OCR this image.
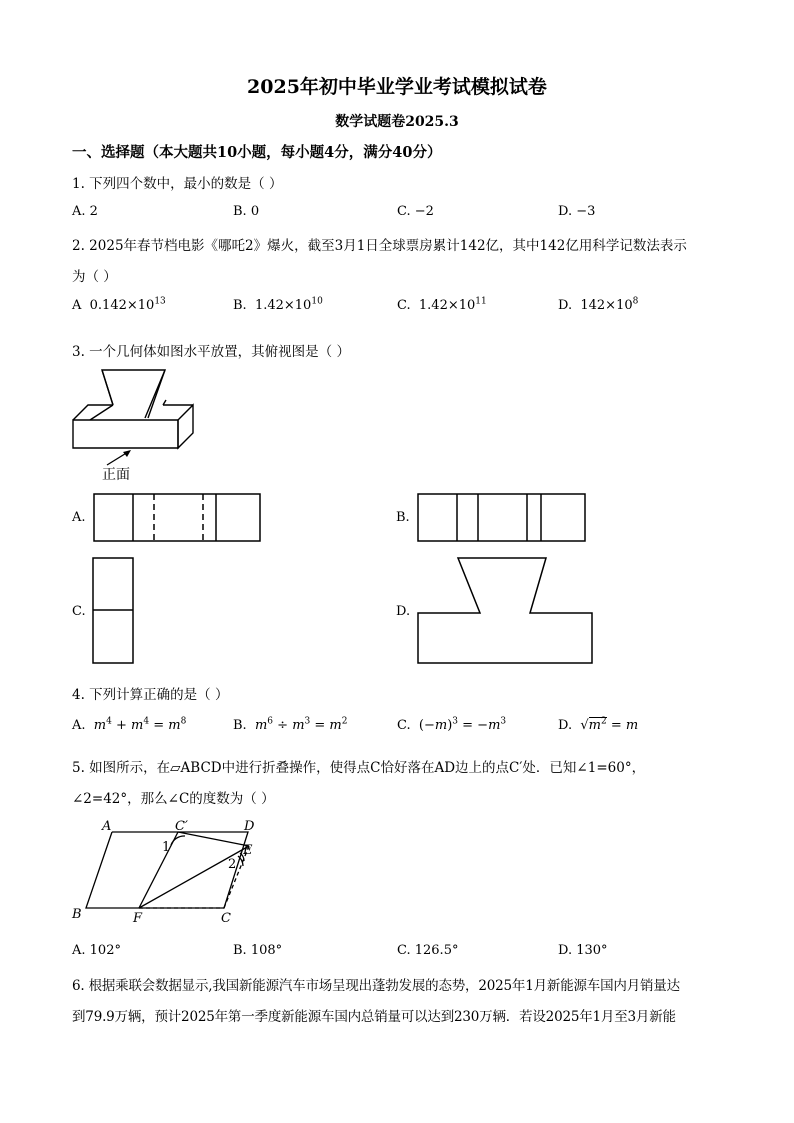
2025年初中毕业学业考试模拟试卷
数学试题卷2025.3
一、选择题（本大题共10小题，每小题4分，满分40分）
1. 下列四个数中，最小的数是（ ）
A. 2	B. 0	C. −2	D. −3
2. 2025年春节档电影《哪吒2》爆火，截至3月1日全球票房累计142亿，其中142亿用科学记数法表示
为（ ）
A $0.142\times 10^{13}$	B. $1.42\times 10^{10}$	C. $1.42\times 10^{11}$	D. $142\times 10^8$
3. 一个几何体如图水平放置，其俯视图是（ ）
正面
A.	B.
C.	D.
4. 下列计算正确的是（ ）
A. $m^4 + m^4 = m^8$	B. $m^6 \div m^3 = m^2$	C.  $(-m)^3 = -m^3$	D.  $√m^2 = m$
5. 如图所示，在▱ABCD中进行折叠操作，使得点C恰好落在AD边上的点C′处．已知∠1=60°，
∠2=42°，那么∠C的度数为（ ）
A	C′	D
E
B	F	C
1
2
A. 102°	B. 108°	C. 126.5°	D. 130°
6. 根据乘联会数据显示,我国新能源汽车市场呈现出蓬勃发展的态势，2025年1月新能源车国内月销量达
到79.9万辆，预计2025年第一季度新能源车国内总销量可以达到230万辆．若设2025年1月至3月新能
